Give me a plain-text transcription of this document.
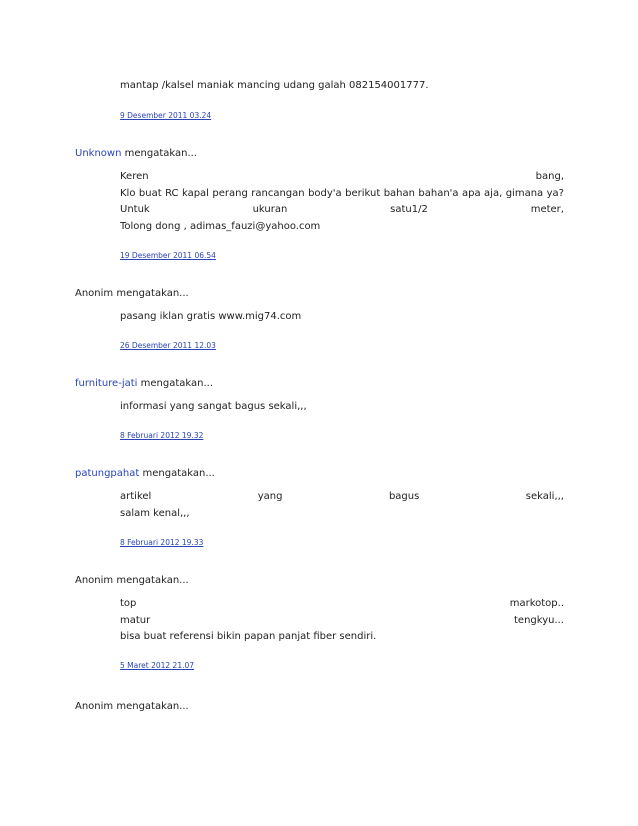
mantap /kalsel maniak mancing udang galah 082154001777.
9 Desember 2011 03.24
Unknown mengatakan...
Keren	bang,
Klo buat RC kapal perang rancangan body'a berikut bahan bahan'a apa aja, gimana ya?
Untuk	ukuran	satu1/2	meter,
Tolong dong , adimas_fauzi@yahoo.com
19 Desember 2011 06.54
Anonim mengatakan...
pasang iklan gratis www.mig74.com
26 Desember 2011 12.03
furniture-jati mengatakan...
informasi yang sangat bagus sekali,,,
8 Februari 2012 19.32
patungpahat mengatakan...
artikel	yang	bagus	sekali,,,
salam kenal,,,
8 Februari 2012 19.33
Anonim mengatakan...
top	markotop..
matur	tengkyu...
bisa buat referensi bikin papan panjat fiber sendiri.
5 Maret 2012 21.07
Anonim mengatakan...
